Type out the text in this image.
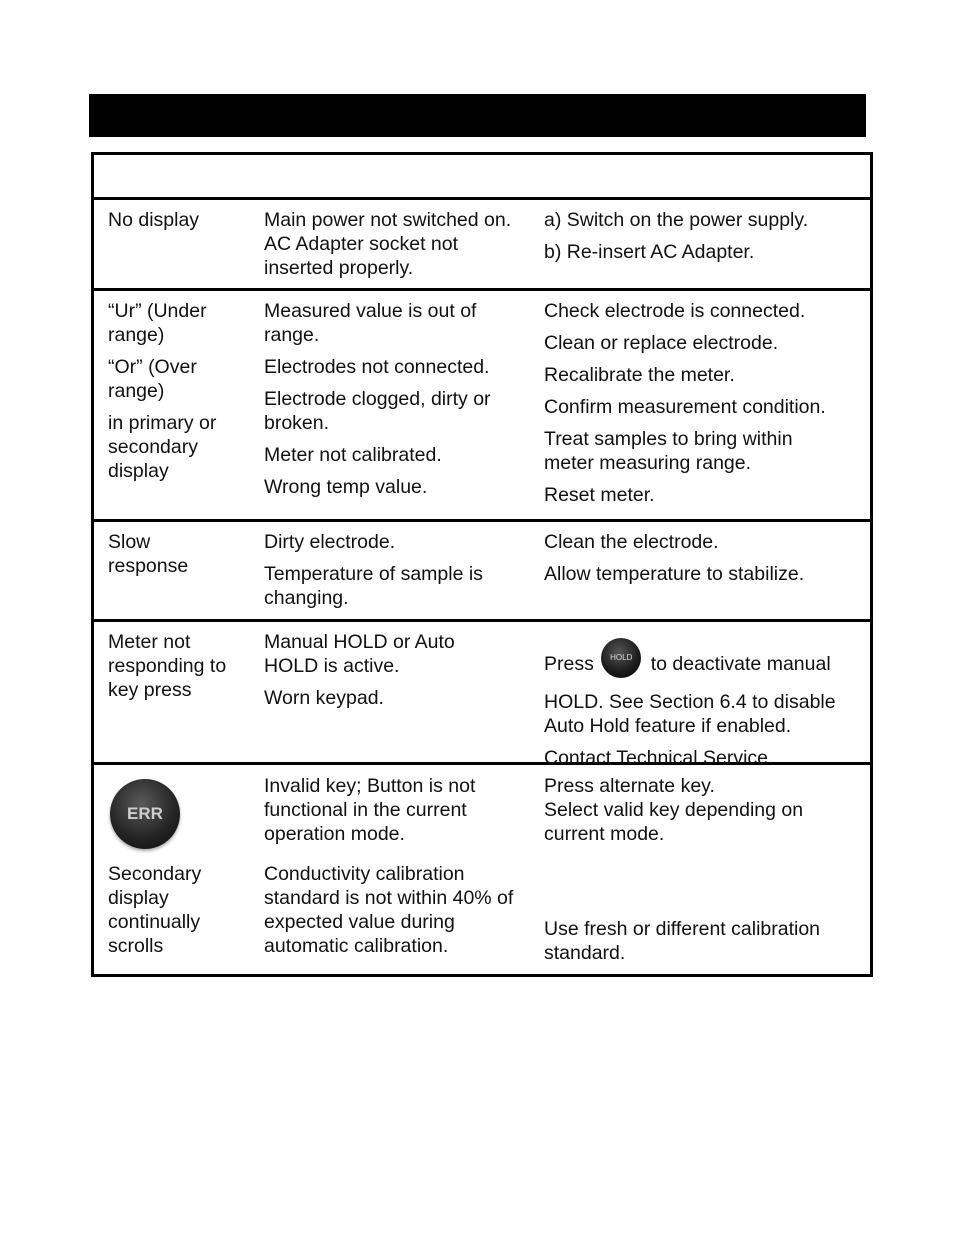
No display	Main power not switched on. AC Adapter socket not inserted properly.

a) Switch on the power supply.

b) Re-insert AC Adapter.

“Ur” (Under range)

“Or” (Over range)

in primary or secondary display

Measured value is out of range.

Electrodes not connected.

Electrode clogged, dirty or broken.

Meter not calibrated.

Wrong temp value.

Check electrode is connected.

Clean or replace electrode.

Recalibrate the meter.

Confirm measurement condition.

Treat samples to bring within meter measuring range.

Reset meter.

Slow response

Dirty electrode.

Temperature of sample is changing.

Clean the electrode.

Allow temperature to stabilize.

Meter not responding to key press

Manual HOLD or Auto HOLD is active.

Worn keypad.

Press HOLD to deactivate manual HOLD. See Section 6.4 to disable Auto Hold feature if enabled.

Contact Technical Service.

ERR

Secondary display continually scrolls

Invalid key; Button is not functional in the current operation mode.

Conductivity calibration standard is not within 40% of expected value during automatic calibration.

Press alternate key.

Select valid key depending on current mode.

Use fresh or different calibration standard.
